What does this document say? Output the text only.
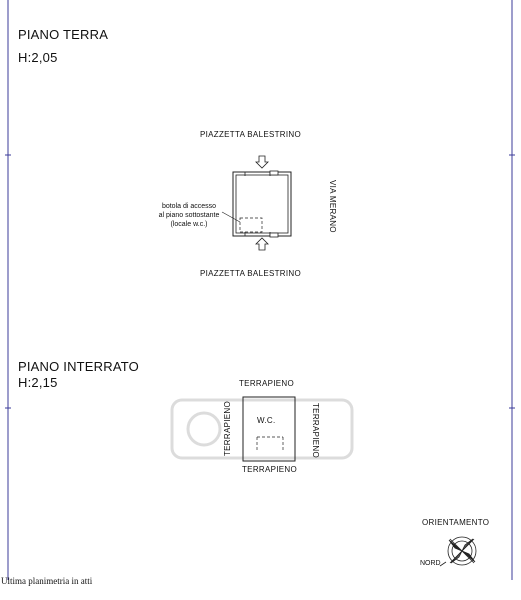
PIANO TERRA
H:2,05
PIAZZETTA BALESTRINO
PIAZZETTA BALESTRINO
VIA MERANO
botola di accesso
al piano sottostante
(locale w.c.)
PIANO INTERRATO
H:2,15	TERRAPIENO
TERRAPIENO
TERRAPIENO	TERRAPIENO
W.C.
ORIENTAMENTO
NORD
Ultima planimetria in atti
